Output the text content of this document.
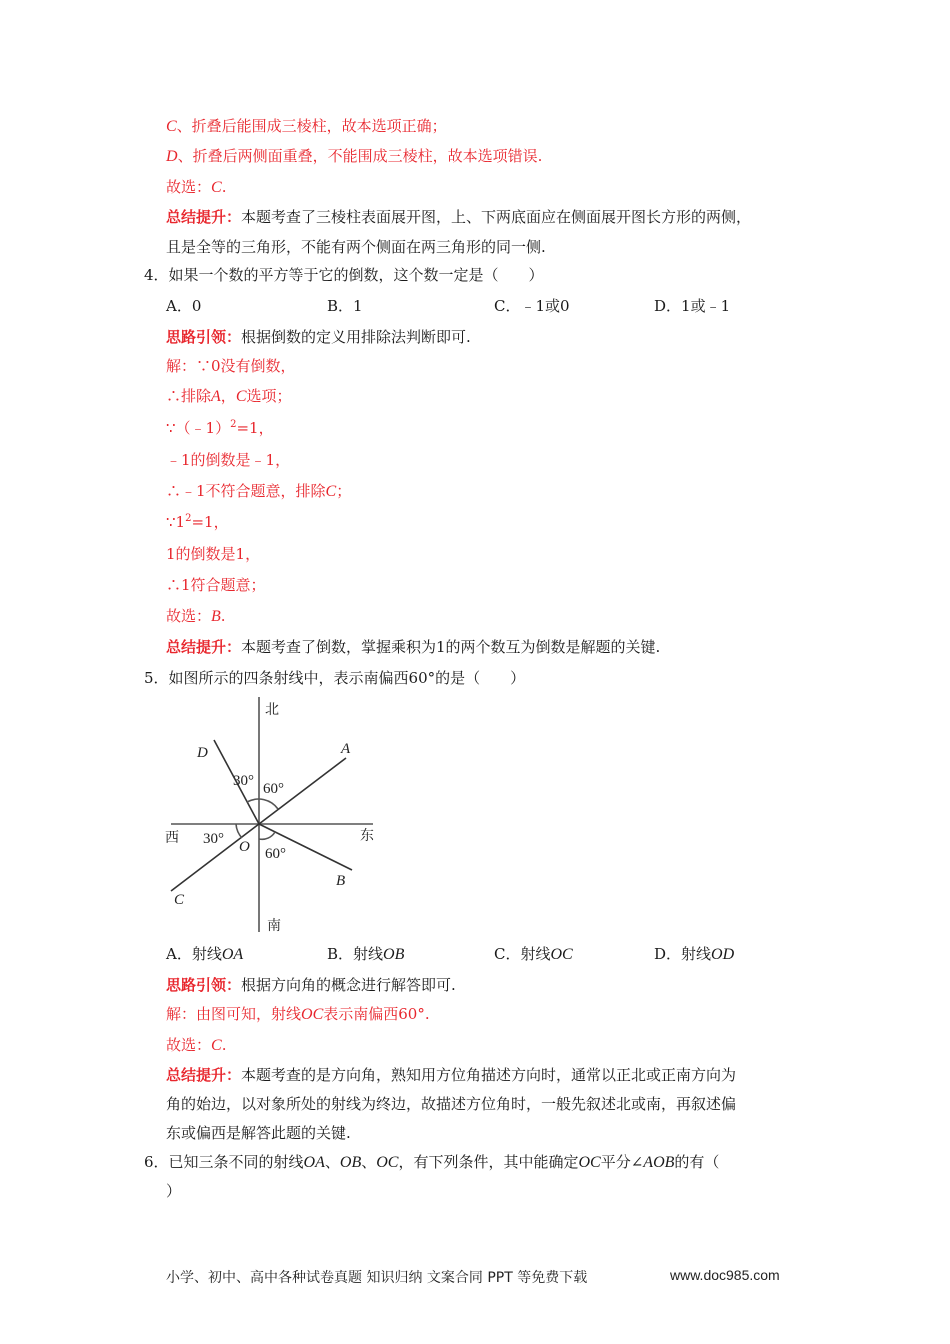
C、折叠后能围成三棱柱，故本选项正确；
D、折叠后两侧面重叠，不能围成三棱柱，故本选项错误.
故选：C.
总结提升：本题考查了三棱柱表面展开图，上、下两底面应在侧面展开图长方形的两侧，
且是全等的三角形，不能有两个侧面在两三角形的同一侧.
4．如果一个数的平方等于它的倒数，这个数一定是（　　）
A．0	B．1	C．﹣1或0	D．1或﹣1
思路引领：根据倒数的定义用排除法判断即可.
解：∵0没有倒数，
∴排除A，C选项；
∵（﹣1）$^2$=1，
﹣1的倒数是﹣1，
∴﹣1不符合题意，排除C；
$\because 1^2=1$，
1的倒数是1，
∴1符合题意；
故选：B.
总结提升：本题考查了倒数，掌握乘积为1的两个数互为倒数是解题的关键.
5．如图所示的四条射线中，表示南偏西60°的是（　　）
北
南
西	东
A
D
B
C
O
30° 60°
30°
60°
A．射线OA	B．射线OB	C．射线OC	D．射线OD
思路引领：根据方向角的概念进行解答即可.
解：由图可知，射线OC表示南偏西60°.
故选：C.
总结提升：本题考查的是方向角，熟知用方位角描述方向时，通常以正北或正南方向为
角的始边，以对象所处的射线为终边，故描述方位角时，一般先叙述北或南，再叙述偏
东或偏西是解答此题的关键.
6．已知三条不同的射线OA、OB、OC，有下列条件，其中能确定OC平分∠AOB的有（
）
小学、初中、高中各种试卷真题 知识归纳 文案合同 PPT 等免费下载	www.doc985.com
